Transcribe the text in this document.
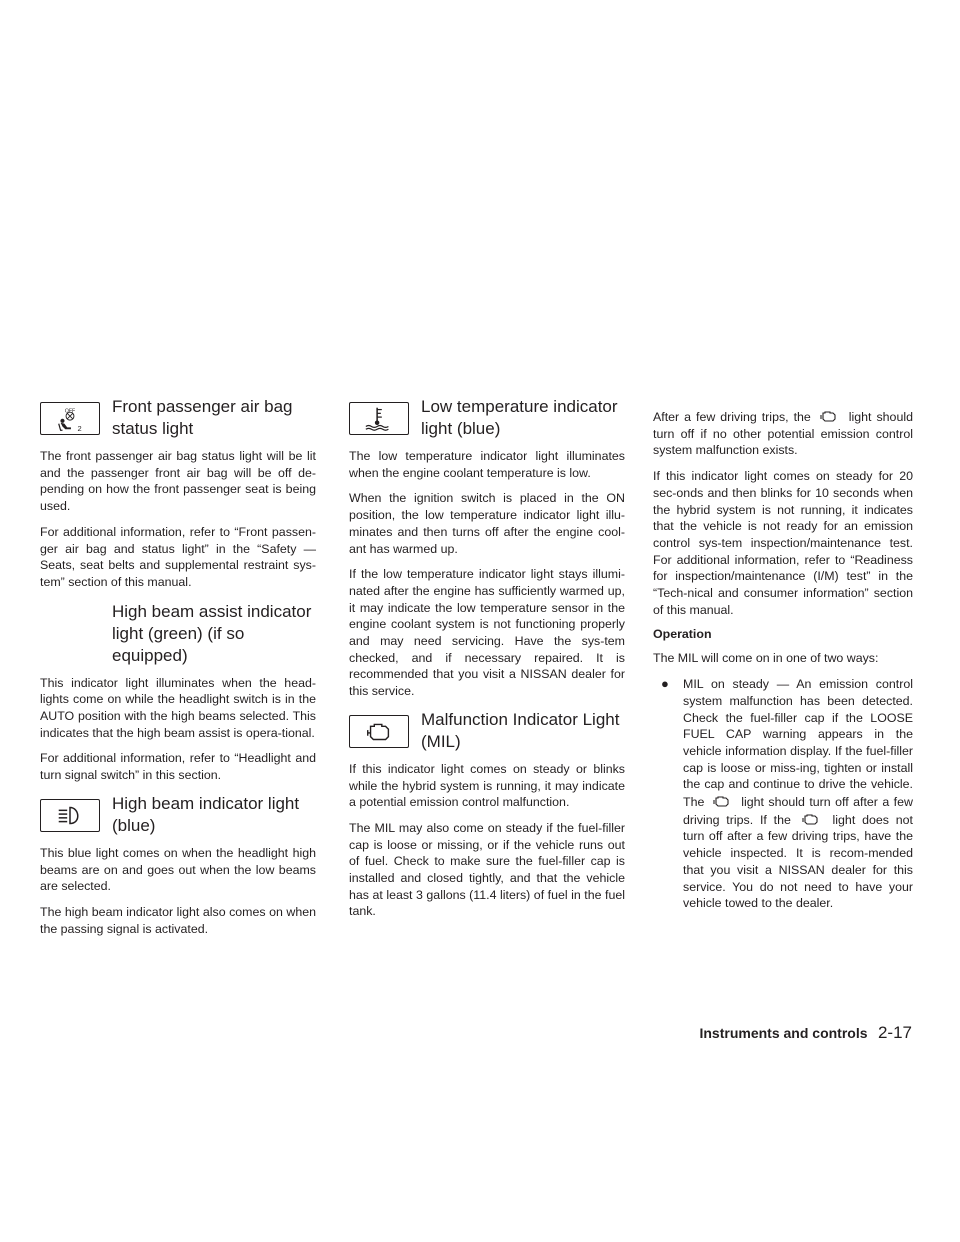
OFF
2
Front passenger air bag status light

The front passenger air bag status light will be lit and the passenger front air bag will be off de-pending on how the front passenger seat is being used.

For additional information, refer to “Front passen-ger air bag and status light” in the “Safety — Seats, seat belts and supplemental restraint sys-tem” section of this manual.

High beam assist indicator light (green) (if so equipped)

This indicator light illuminates when the head-lights come on while the headlight switch is in the AUTO position with the high beams selected. This indicates that the high beam assist is opera-tional.

For additional information, refer to “Headlight and turn signal switch” in this section.

High beam indicator light (blue)

This blue light comes on when the headlight high beams are on and goes out when the low beams are selected.

The high beam indicator light also comes on when the passing signal is activated.

Low temperature indicator light (blue)

The low temperature indicator light illuminates when the engine coolant temperature is low.

When the ignition switch is placed in the ON position, the low temperature indicator light illu-minates and then turns off after the engine cool-ant has warmed up.

If the low temperature indicator light stays illumi-nated after the engine has sufficiently warmed up, it may indicate the low temperature sensor in the engine coolant system is not functioning properly and may need servicing. Have the sys-tem checked, and if necessary repaired. It is recommended that you visit a NISSAN dealer for this service.

Malfunction Indicator Light (MIL)

If this indicator light comes on steady or blinks while the hybrid system is running, it may indicate a potential emission control malfunction.

The MIL may also come on steady if the fuel-filler cap is loose or missing, or if the vehicle runs out of fuel. Check to make sure the fuel-filler cap is installed and closed tightly, and that the vehicle has at least 3 gallons (11.4 liters) of fuel in the fuel tank.

After a few driving trips, the	light should turn off if no other potential emission control system malfunction exists.

If this indicator light comes on steady for 20 sec-onds and then blinks for 10 seconds when the hybrid system is not running, it indicates that the vehicle is not ready for an emission control sys-tem inspection/maintenance test. For additional information, refer to “Readiness for inspection/maintenance (I/M) test” in the “Tech-nical and consumer information” section of this manual.

Operation

The MIL will come on in one of two ways:

● MIL on steady — An emission control system malfunction has been detected. Check the fuel-filler cap if the LOOSE FUEL CAP warning appears in the vehicle information display. If the fuel-filler cap is loose or miss-ing, tighten or install the cap and continue to drive the vehicle. The	light should turn off after a few driving trips. If the	light does not turn off after a few driving trips, have the vehicle inspected. It is recom-mended that you visit a NISSAN dealer for this service. You do not need to have your vehicle towed to the dealer.
Instruments and controls 2-17
